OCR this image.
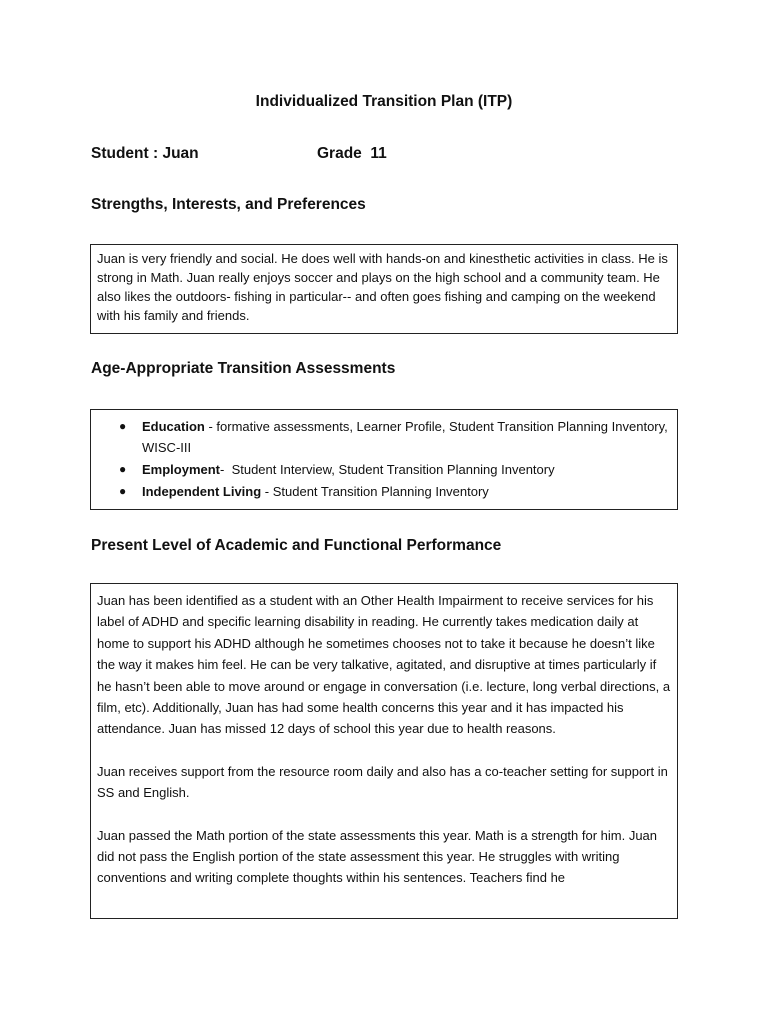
Individualized Transition Plan (ITP)
Student : Juan	Grade  11
Strengths, Interests, and Preferences

Juan is very friendly and social. He does well with hands-on and kinesthetic activities in class. He is strong in Math. Juan really enjoys soccer and plays on the high school and a community team. He also likes the outdoors- fishing in particular-- and often goes fishing and camping on the weekend with his family and friends.

Age-Appropriate Transition Assessments
● Education - formative assessments, Learner Profile, Student Transition Planning Inventory, WISC-III
● Employment-  Student Interview, Student Transition Planning Inventory
● Independent Living - Student Transition Planning Inventory
Present Level of Academic and Functional Performance

Juan has been identified as a student with an Other Health Impairment to receive services for his label of ADHD and specific learning disability in reading. He currently takes medication daily at home to support his ADHD although he sometimes chooses not to take it because he doesn’t like the way it makes him feel. He can be very talkative, agitated, and disruptive at times particularly if he hasn’t been able to move around or engage in conversation (i.e. lecture, long verbal directions, a film, etc). Additionally, Juan has had some health concerns this year and it has impacted his attendance. Juan has missed 12 days of school this year due to health reasons.

Juan receives support from the resource room daily and also has a co-teacher setting for support in SS and English.

Juan passed the Math portion of the state assessments this year. Math is a strength for him. Juan did not pass the English portion of the state assessment this year. He struggles with writing conventions and writing complete thoughts within his sentences. Teachers find he
